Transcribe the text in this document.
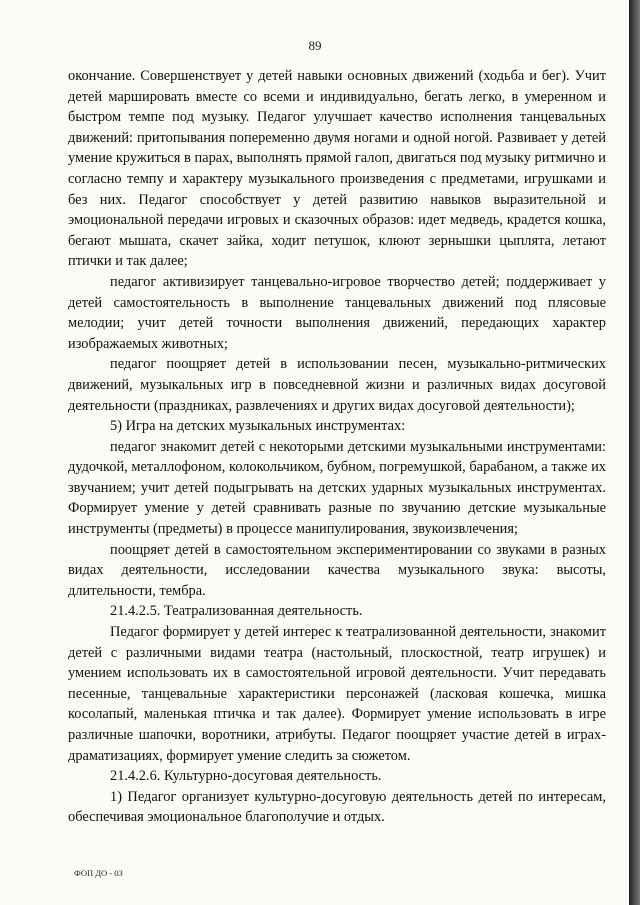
89

окончание. Совершенствует у детей навыки основных движений (ходьба и бег). Учит детей маршировать вместе со всеми и индивидуально, бегать легко, в умеренном и быстром темпе под музыку. Педагог улучшает качество исполнения танцевальных движений: притопывания попеременно двумя ногами и одной ногой. Развивает у детей умение кружиться в парах, выполнять прямой галоп, двигаться под музыку ритмично и согласно темпу и характеру музыкального произведения с предметами, игрушками и без них. Педагог способствует у детей развитию навыков выразительной и эмоциональной передачи игровых и сказочных образов: идет медведь, крадется кошка, бегают мышата, скачет зайка, ходит петушок, клюют зернышки цыплята, летают птички и так далее;

педагог активизирует танцевально-игровое творчество детей; поддерживает у детей самостоятельность в выполнение танцевальных движений под плясовые мелодии; учит детей точности выполнения движений, передающих характер изображаемых животных;

педагог поощряет детей в использовании песен, музыкально-ритмических движений, музыкальных игр в повседневной жизни и различных видах досуговой деятельности (праздниках, развлечениях и других видах досуговой деятельности);

5) Игра на детских музыкальных инструментах:

педагог знакомит детей с некоторыми детскими музыкальными инструментами: дудочкой, металлофоном, колокольчиком, бубном, погремушкой, барабаном, а также их звучанием; учит детей подыгрывать на детских ударных музыкальных инструментах. Формирует умение у детей сравнивать разные по звучанию детские музыкальные инструменты (предметы) в процессе манипулирования, звукоизвлечения;

поощряет детей в самостоятельном экспериментировании со звуками в разных видах деятельности, исследовании качества музыкального звука: высоты, длительности, тембра.

21.4.2.5. Театрализованная деятельность.

Педагог формирует у детей интерес к театрализованной деятельности, знакомит детей с различными видами театра (настольный, плоскостной, театр игрушек) и умением использовать их в самостоятельной игровой деятельности. Учит передавать песенные, танцевальные характеристики персонажей (ласковая кошечка, мишка косолапый, маленькая птичка и так далее). Формирует умение использовать в игре различные шапочки, воротники, атрибуты. Педагог поощряет участие детей в играх-драматизациях, формирует умение следить за сюжетом.

21.4.2.6. Культурно-досуговая деятельность.

1) Педагог организует культурно-досуговую деятельность детей по интересам, обеспечивая эмоциональное благополучие и отдых.

ФОП ДО - 03
